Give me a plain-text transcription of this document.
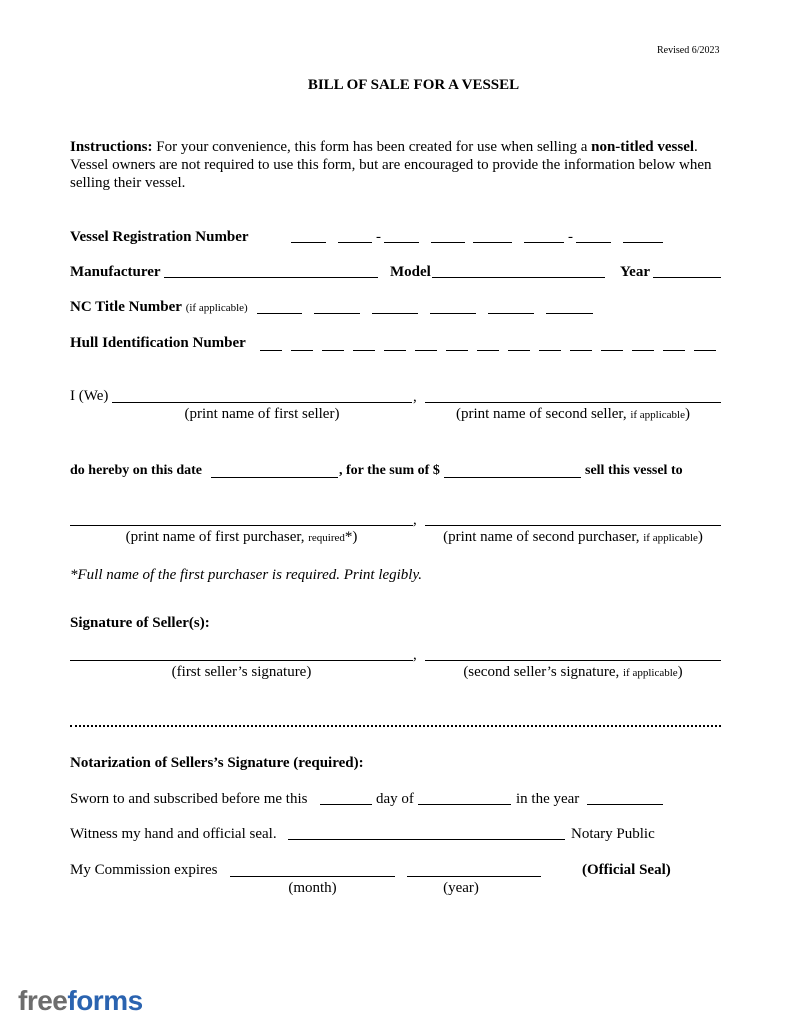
Revised 6/2023
BILL OF SALE FOR A VESSEL
Instructions: For your convenience, this form has been created for use when selling a non-titled vessel. Vessel owners are not required to use this form, but are encouraged to provide the information below when selling their vessel.
Vessel Registration Number	-	-
Manufacturer	Model	Year
NC Title Number (if applicable)
Hull Identification Number
I (We)	,
(print name of first seller)	(print name of second seller, if applicable)
do hereby on this date	, for the sum of $	sell this vessel to
,
(print name of first purchaser, required*)	(print name of second purchaser, if applicable)
*Full name of the first purchaser is required. Print legibly.
Signature of Seller(s):
,
(first seller’s signature)	(second seller’s signature, if applicable)
Notarization of Sellers’s Signature (required):
Sworn to and subscribed before me this	day of	in the year
Witness my hand and official seal.	Notary Public
My Commission expires	(Official Seal)
(month)	(year)
freeforms
